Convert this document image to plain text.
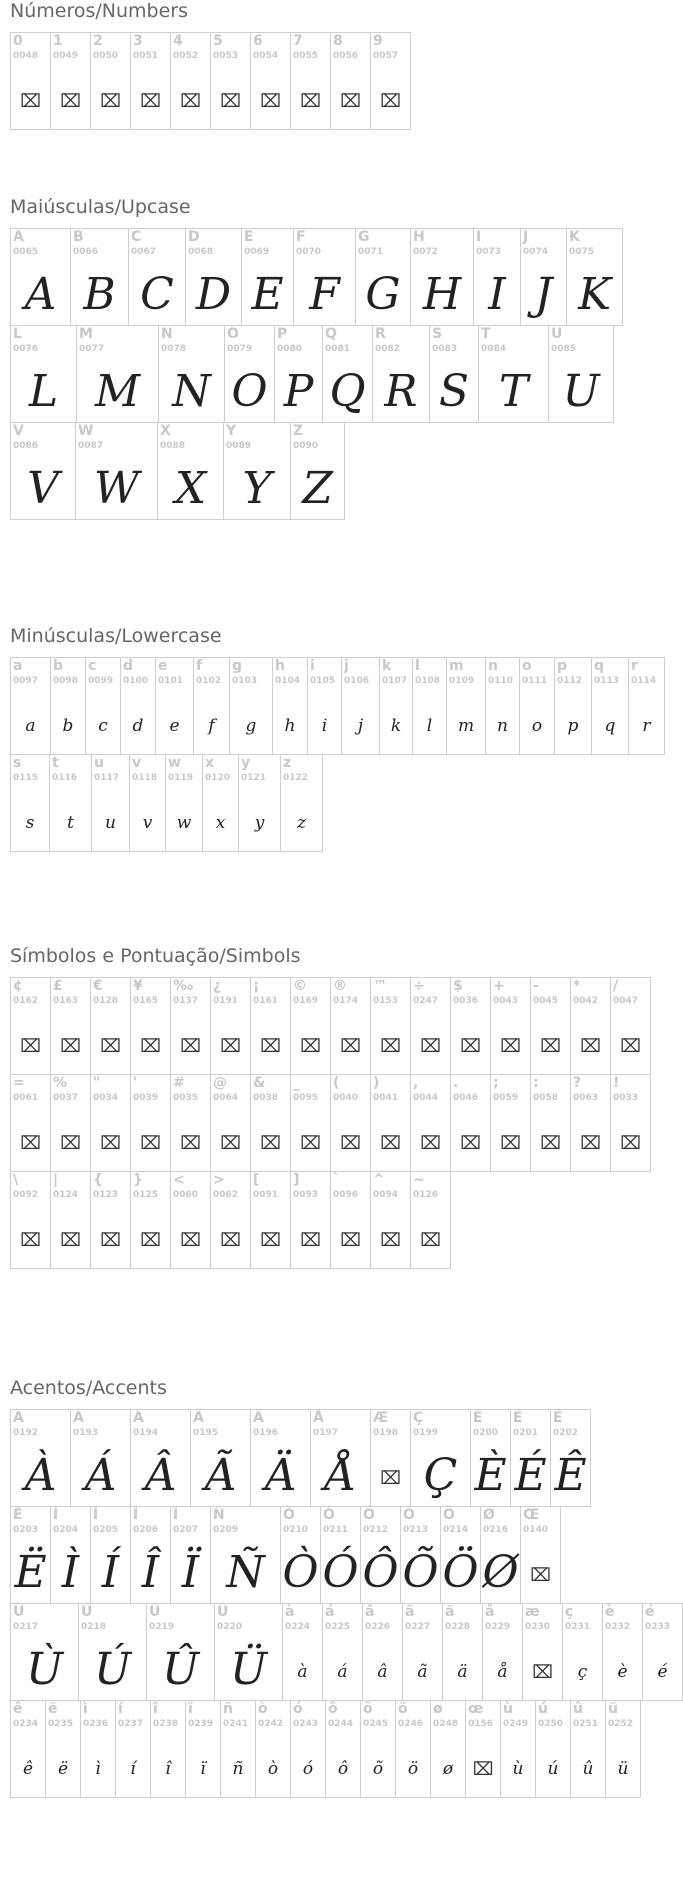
Números/Numbers
0
0048
⌧
1
0049
⌧
2
0050
⌧
3
0051
⌧
4
0052
⌧
5
0053
⌧
6
0054
⌧
7
0055
⌧
8
0056
⌧
9
0057
⌧
Maiúsculas/Upcase
A
0065
A
B
0066
B
C
0067
C
D
0068
D
E
0069
E
F
0070
F
G
0071
G
H
0072
H
I
0073
I
J
0074
J
K
0075
K
L
0076
L
M
0077
M
N
0078
N
O
0079
O
P
0080
P
Q
0081
Q
R
0082
R
S
0083
S
T
0084
T
U
0085
U
V
0086
V
W
0087
W
X
0088
X
Y
0089
Y
Z
0090
Z
Minúsculas/Lowercase
a
0097
a
b
0098
b
c
0099
c
d
0100
d
e
0101
e
f
0102
f
g
0103
g
h
0104
h
i
0105
i
j
0106
j
k
0107
k
l
0108
l
m
0109
m
n
0110
n
o
0111
o
p
0112
p
q
0113
q
r
0114
r
s
0115
s
t
0116
t
u
0117
u
v
0118
v
w
0119
w
x
0120
x
y
0121
y
z
0122
z
Símbolos e Pontuação/Simbols
¢
0162
⌧
£
0163
⌧
€
0128
⌧
¥
0165
⌧
‰
0137
⌧
¿
0191
⌧
¡
0161
⌧
©
0169
⌧
®
0174
⌧
™
0153
⌧
÷
0247
⌧
$
0036
⌧
+
0043
⌧
-
0045
⌧
*
0042
⌧
/
0047
⌧
=
0061
⌧
%
0037
⌧
"
0034
⌧
'
0039
⌧
#
0035
⌧
@
0064
⌧
&
0038
⌧
_
0095
⌧
(
0040
⌧
)
0041
⌧
,
0044
⌧
.
0046
⌧
;
0059
⌧
:
0058
⌧
?
0063
⌧
!
0033
⌧
\
0092
⌧
|
0124
⌧
{
0123
⌧
}
0125
⌧
<
0060
⌧
>
0062
⌧
[
0091
⌧
]
0093
⌧
`
0096
⌧
^
0094
⌧
~
0126
⌧
Acentos/Accents
À
0192
À
Á
0193
Á
Â
0194
Â
Ã
0195
Ã
Ä
0196
Ä
Å
0197
Å
Æ
0198
⌧
Ç
0199
Ç
È
0200
È
É
0201
É
Ê
0202
Ê
Ë
0203
Ë
Ì
0204
Ì
Í
0205
Í
Î
0206
Î
Ï
0207
Ï
Ñ
0209
Ñ
Ò
0210
Ò
Ó
0211
Ó
Ô
0212
Ô
Õ
0213
Õ
Ö
0214
Ö
Ø
0216
Ø
Œ
0140
⌧
Ù
0217
Ù
Ú
0218
Ú
Û
0219
Û
Ü
0220
Ü
à
0224
à
á
0225
á
â
0226
â
ã
0227
ã
ä
0228
ä
å
0229
å
æ
0230
⌧
ç
0231
ç
è
0232
è
é
0233
é
ê
0234
ê
ë
0235
ë
ì
0236
ì
í
0237
í
î
0238
î
ï
0239
ï
ñ
0241
ñ
ò
0242
ò
ó
0243
ó
ô
0244
ô
õ
0245
õ
ö
0246
ö
ø
0248
ø
œ
0156
⌧
ù
0249
ù
ú
0250
ú
û
0251
û
ü
0252
ü
